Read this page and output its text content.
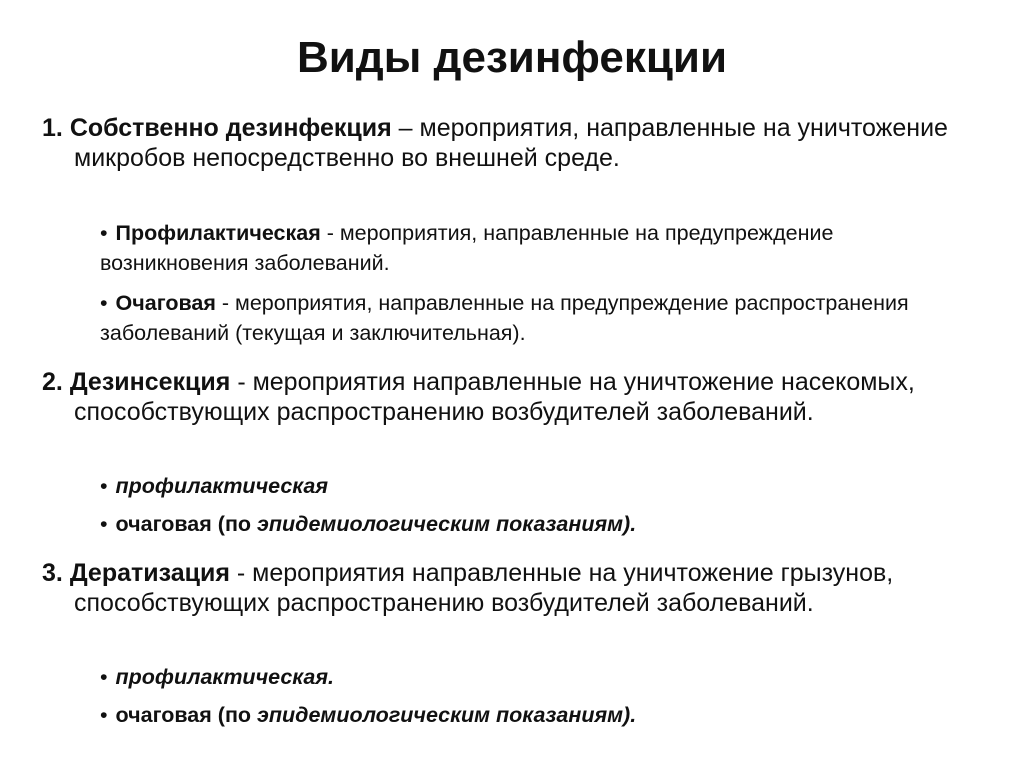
Виды дезинфекции
1. Собственно дезинфекция – мероприятия, направленные на уничтожение микробов непосредственно во внешней среде.
• Профилактическая - мероприятия, направленные на предупреждение возникновения заболеваний.
• Очаговая - мероприятия, направленные на предупреждение распространения заболеваний (текущая и заключительная).
2. Дезинсекция - мероприятия направленные на уничтожение насекомых, способствующих распространению возбудителей заболеваний.
• профилактическая
• очаговая (по эпидемиологическим показаниям).
3. Дератизация - мероприятия направленные на уничтожение грызунов, способствующих распространению возбудителей заболеваний.
• профилактическая.
• очаговая (по эпидемиологическим показаниям).
